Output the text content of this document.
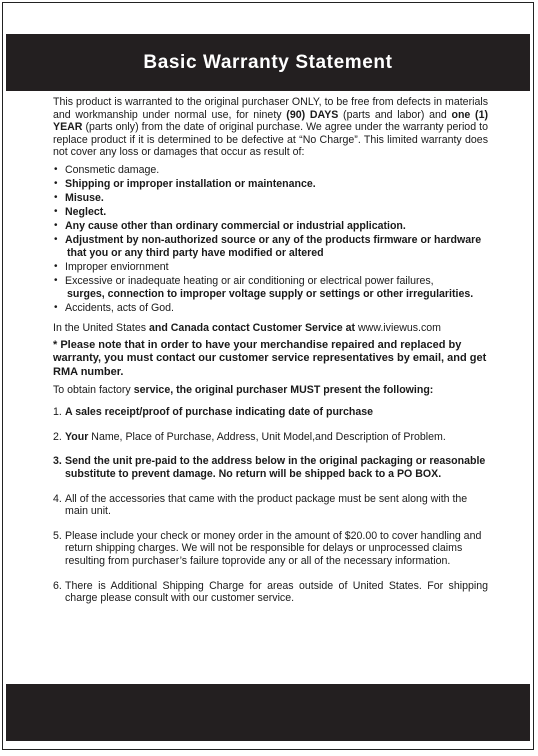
Basic Warranty Statement

This product is warranted to the original purchaser ONLY, to be free from defects in materials and workmanship under normal use, for ninety (90) DAYS (parts and labor) and one (1) YEAR (parts only) from the date of original purchase. We agree under the warranty period to replace product if it is determined to be defective at “No Charge”. This limited warranty does not cover any loss or damages that occur as result of:

• Consmetic damage.
• Shipping or improper installation or maintenance.
• Misuse.
• Neglect.
• Any cause other than ordinary commercial or industrial application.
• Adjustment by non-authorized source or any of the products firmware or hardware
that you or any third party have modified or altered
• Improper enviornment
• Excessive or inadequate heating or air conditioning or electrical power failures,
surges, connection to improper voltage supply or settings or other irregularities.
• Accidents, acts of God.

In the United States and Canada contact Customer Service at www.iviewus.com

* Please note that in order to have your merchandise repaired and replaced by warranty, you must contact our customer service representatives by email, and get RMA number.

To obtain factory service, the original purchaser MUST present the following:

1. A sales receipt/proof of purchase indicating date of purchase
2. Your Name, Place of Purchase, Address, Unit Model,and Description of Problem.
3. Send the unit pre-paid to the address below in the original packaging or reasonable substitute to prevent damage. No return will be shipped back to a PO BOX.
4. All of the accessories that came with the product package must be sent along with the main unit.
5. Please include your check or money order in the amount of $20.00 to cover handling and return shipping charges. We will not be responsible for delays or unprocessed claims resulting from purchaser’s failure toprovide any or all of the necessary information.
6. There is Additional Shipping Charge for areas outside of United States. For shipping charge please consult with our customer service.
